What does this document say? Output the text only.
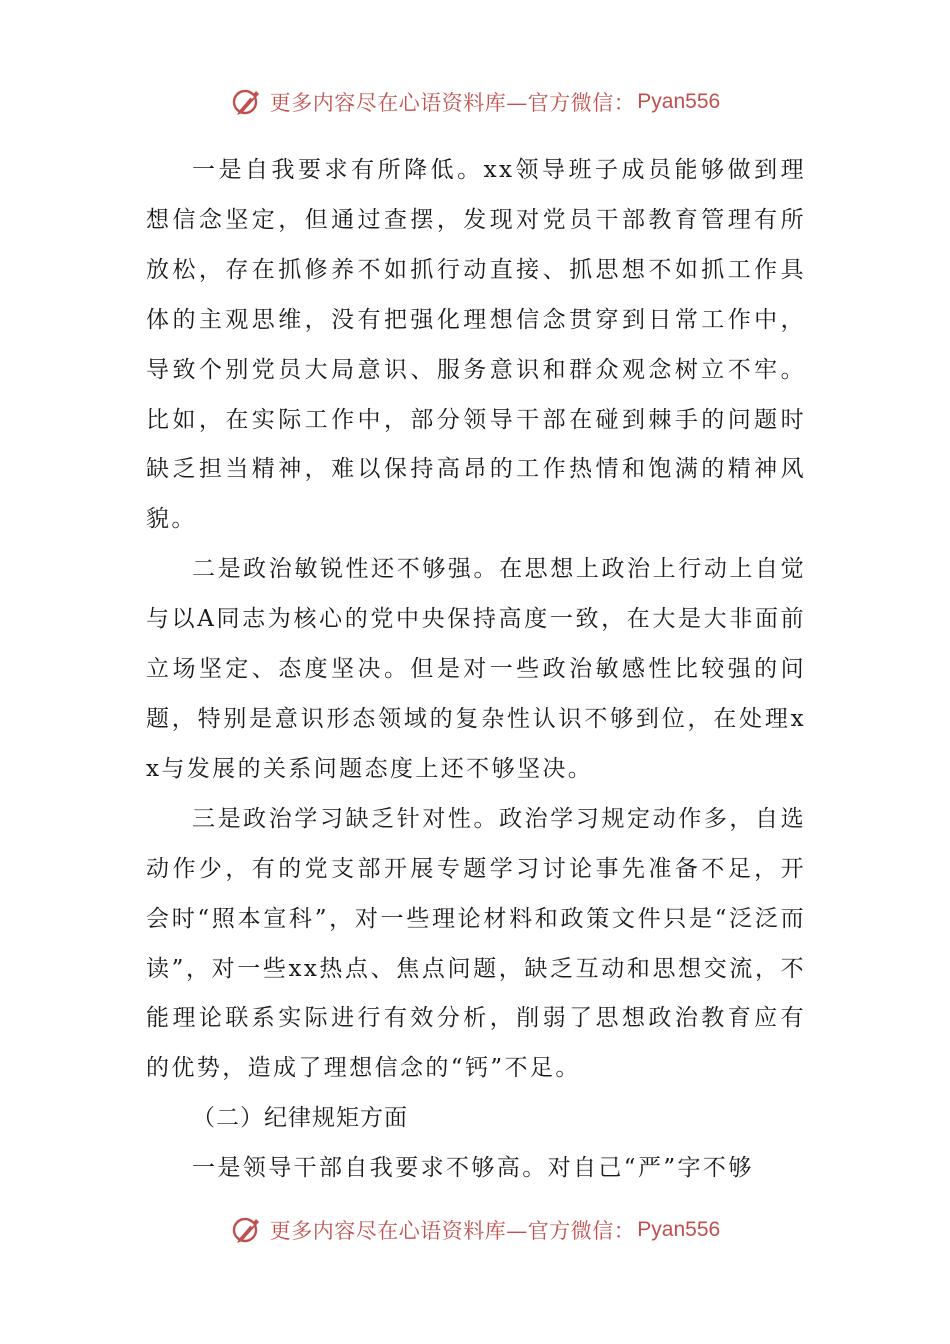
更多内容尽在心语资料库—官方微信： Pyan556

一是自我要求有所降低。xx领导班子成员能够做到理想信念坚定，但通过查摆，发现对党员干部教育管理有所放松，存在抓修养不如抓行动直接、抓思想不如抓工作具体的主观思维，没有把强化理想信念贯穿到日常工作中，导致个别党员大局意识、服务意识和群众观念树立不牢。比如，在实际工作中，部分领导干部在碰到棘手的问题时缺乏担当精神，难以保持高昂的工作热情和饱满的精神风貌。

二是政治敏锐性还不够强。在思想上政治上行动上自觉与以A同志为核心的党中央保持高度一致，在大是大非面前立场坚定、态度坚决。但是对一些政治敏感性比较强的问题，特别是意识形态领域的复杂性认识不够到位，在处理xx与发展的关系问题态度上还不够坚决。

三是政治学习缺乏针对性。政治学习规定动作多，自选动作少，有的党支部开展专题学习讨论事先准备不足，开会时“照本宣科”，对一些理论材料和政策文件只是“泛泛而读”，对一些xx热点、焦点问题，缺乏互动和思想交流，不能理论联系实际进行有效分析，削弱了思想政治教育应有的优势，造成了理想信念的“钙”不足。

（二）纪律规矩方面

一是领导干部自我要求不够高。对自己“严”字不够

更多内容尽在心语资料库—官方微信： Pyan556
